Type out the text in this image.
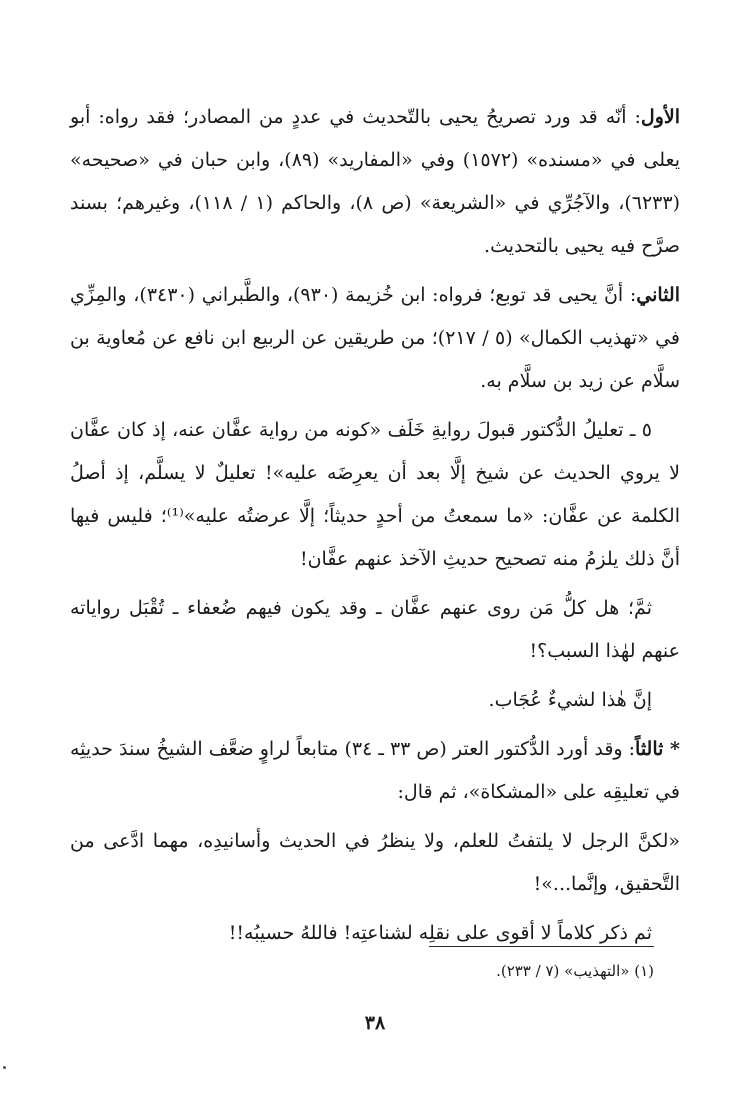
الأول: أنّه قد ورد تصريحُ يحيى بالتّحديث في عددٍ من المصادر؛ فقد رواه: أبو يعلى في «مسنده» (١٥٧٢) وفي «المفاريد» (٨٩)، وابن حبان في «صحيحه» (٦٢٣٣)، والآجُرِّي في «الشريعة» (ص ٨)، والحاكم (١ / ١١٨)، وغيرهم؛ بسند صرَّح فيه يحيى بالتحديث.

الثاني: أنَّ يحيى قد توبع؛ فرواه: ابن خُزيمة (٩٣٠)، والطَّبراني (٣٤٣٠)، والمِزِّي في «تهذيب الكمال» (٥ / ٢١٧)؛ من طريقين عن الربيع ابن نافع عن مُعاوية بن سلَّام عن زيد بن سلَّام به.

٥ ـ تعليلُ الدُّكتور قبولَ روايةِ خَلَف «كونه من رواية عفَّان عنه، إذ كان عفَّان لا يروي الحديث عن شيخ إلَّا بعد أن يعرِضَه عليه»! تعليلٌ لا يسلَّم، إذ أصلُ الكلمة عن عفَّان: «ما سمعتُ من أحدٍ حديثاً؛ إلَّا عرضتُه عليه»⁽¹⁾؛ فليس فيها أنَّ ذلك يلزمُ منه تصحيح حديثِ الآخذ عنهم عفَّان!

ثمَّ؛ هل كلُّ مَن روى عنهم عفَّان ـ وقد يكون فيهم ضُعفاء ـ تُقْبَل رواياته عنهم لهٰذا السبب؟!

إنَّ هٰذا لشيءٌ عُجَاب.

* ثالثاً: وقد أورد الدُّكتور العتر (ص ٣٣ ـ ٣٤) متابعاً لراوٍ ضعَّف الشيخُ سندَ حديثِه في تعليقِه على «المشكاة»، ثم قال:

«لكنَّ الرجل لا يلتفتُ للعلم، ولا ينظرُ في الحديث وأسانيدِه، مهما ادَّعى من التَّحقيق، وإنَّما...»!

ثم ذكر كلاماً لا أقوى على نقلِه لشناعتِه! فاللهُ حسيبُه!!

(١) «التهذيب» (٧ / ٢٣٣).
٣٨
